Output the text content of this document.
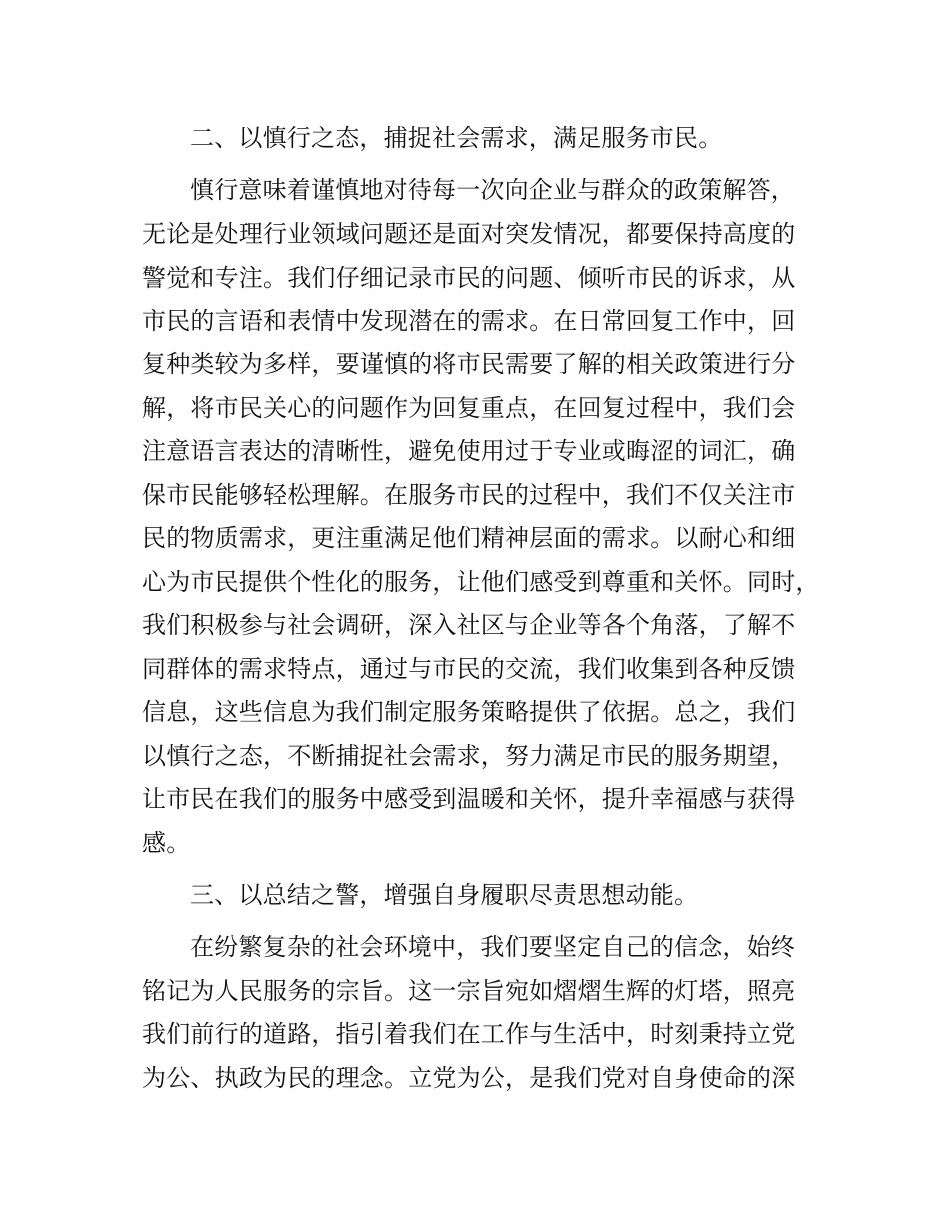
二、以慎行之态，捕捉社会需求，满足服务市民。
慎行意味着谨慎地对待每一次向企业与群众的政策解答，
无论是处理行业领域问题还是面对突发情况，都要保持高度的
警觉和专注。我们仔细记录市民的问题、倾听市民的诉求，从
市民的言语和表情中发现潜在的需求。在日常回复工作中，回
复种类较为多样，要谨慎的将市民需要了解的相关政策进行分
解，将市民关心的问题作为回复重点，在回复过程中，我们会
注意语言表达的清晰性，避免使用过于专业或晦涩的词汇，确
保市民能够轻松理解。在服务市民的过程中，我们不仅关注市
民的物质需求，更注重满足他们精神层面的需求。以耐心和细
心为市民提供个性化的服务，让他们感受到尊重和关怀。同时，
我们积极参与社会调研，深入社区与企业等各个角落，了解不
同群体的需求特点，通过与市民的交流，我们收集到各种反馈
信息，这些信息为我们制定服务策略提供了依据。总之，我们
以慎行之态，不断捕捉社会需求，努力满足市民的服务期望，
让市民在我们的服务中感受到温暖和关怀，提升幸福感与获得
感。
三、以总结之警，增强自身履职尽责思想动能。
在纷繁复杂的社会环境中，我们要坚定自己的信念，始终
铭记为人民服务的宗旨。这一宗旨宛如熠熠生辉的灯塔，照亮
我们前行的道路，指引着我们在工作与生活中，时刻秉持立党
为公、执政为民的理念。立党为公，是我们党对自身使命的深
